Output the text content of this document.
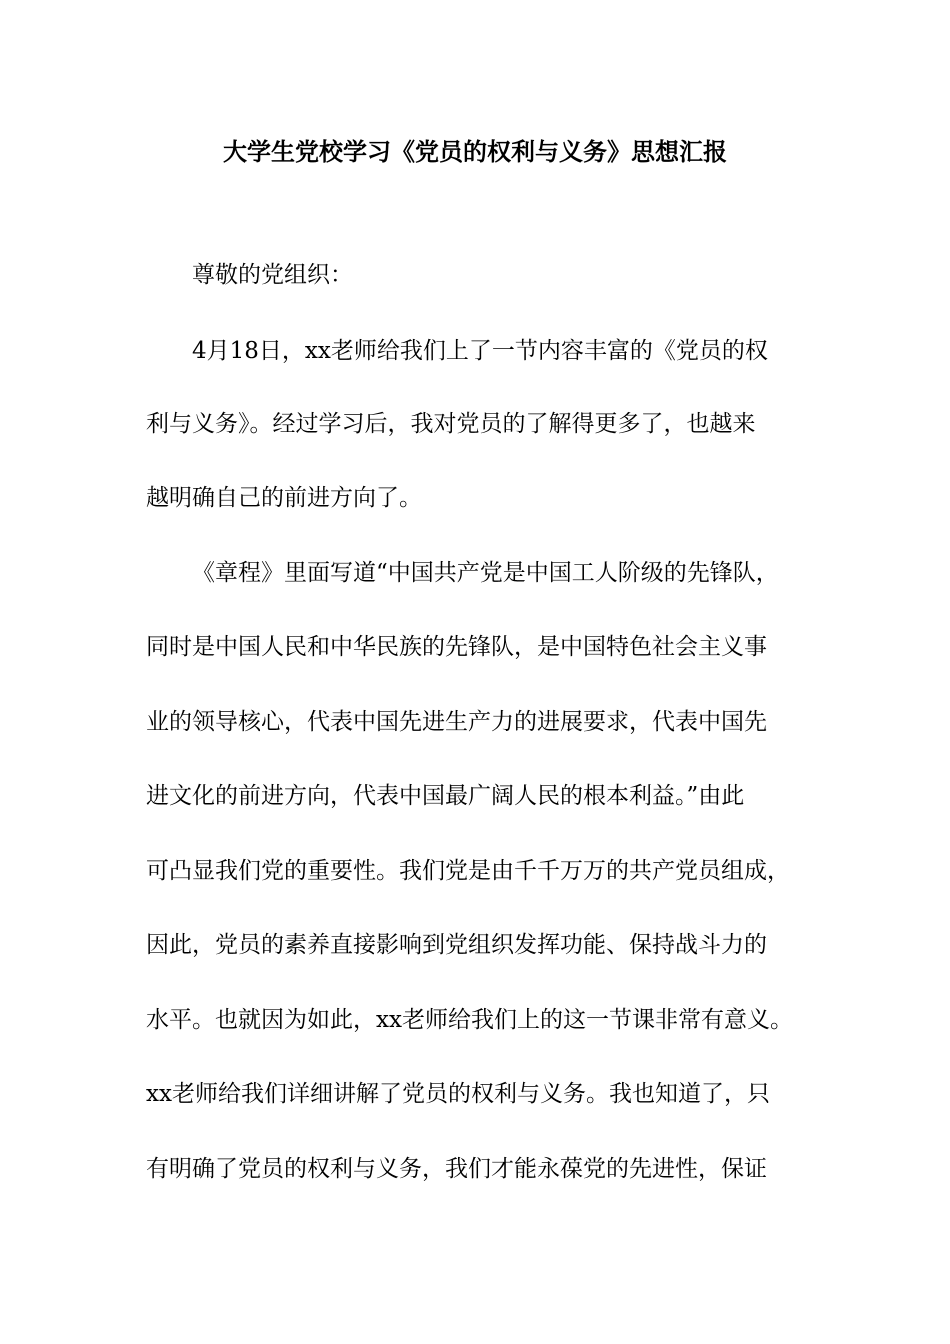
大学生党校学习《党员的权利与义务》思想汇报
尊敬的党组织：
4月18日，xx老师给我们上了一节内容丰富的《党员的权
利与义务》。经过学习后，我对党员的了解得更多了，也越来
越明确自己的前进方向了。
《章程》里面写道“中国共产党是中国工人阶级的先锋队，
同时是中国人民和中华民族的先锋队，是中国特色社会主义事
业的领导核心，代表中国先进生产力的进展要求，代表中国先
进文化的前进方向，代表中国最广阔人民的根本利益。”由此
可凸显我们党的重要性。我们党是由千千万万的共产党员组成，
因此，党员的素养直接影响到党组织发挥功能、保持战斗力的
水平。也就因为如此，xx老师给我们上的这一节课非常有意义。
xx老师给我们详细讲解了党员的权利与义务。我也知道了，只
有明确了党员的权利与义务，我们才能永葆党的先进性，保证
